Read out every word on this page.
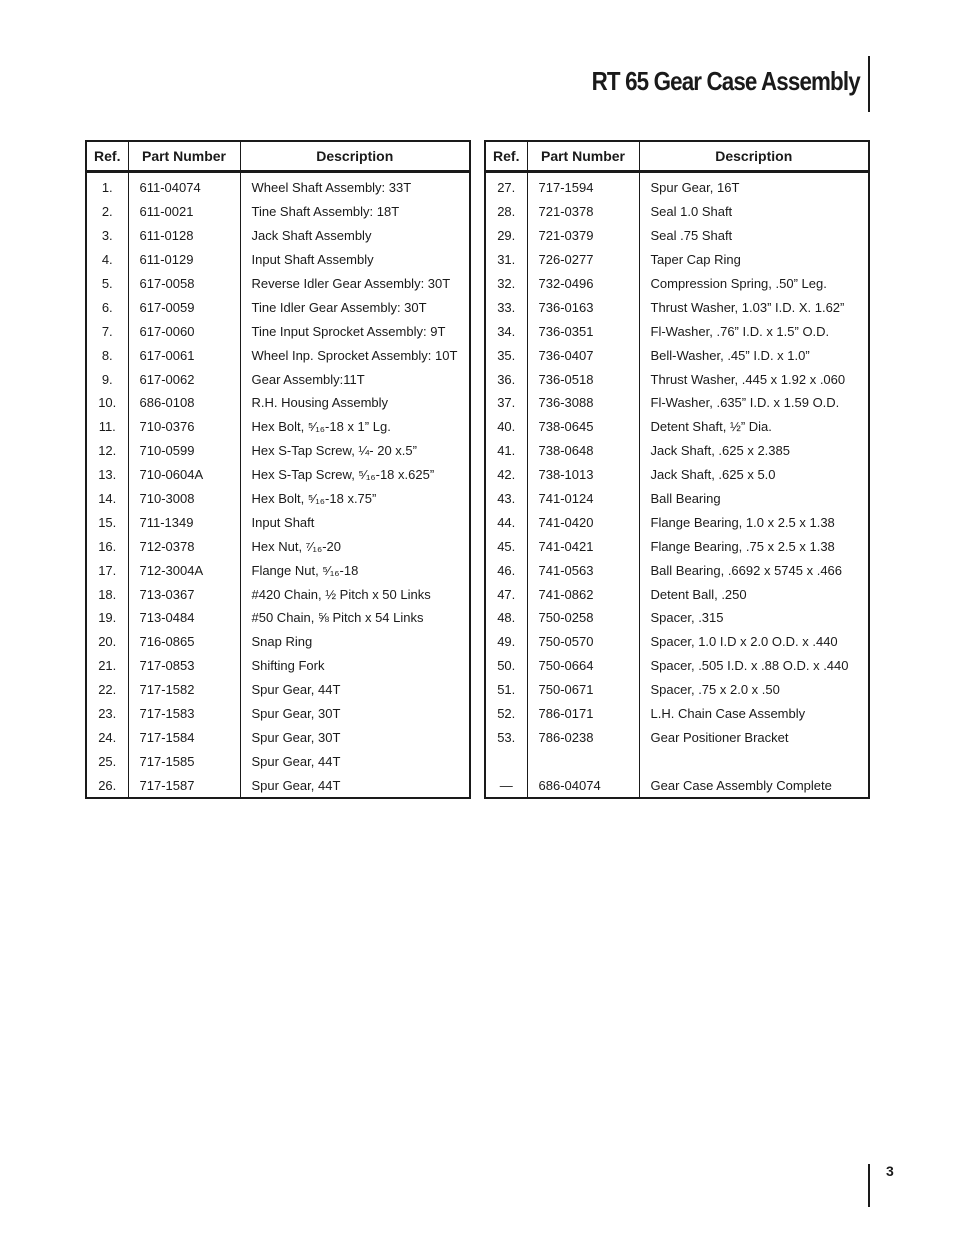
RT 65 Gear Case Assembly
Ref.	Part Number	Description
1.	611-04074	Wheel Shaft Assembly: 33T
2.	611-0021	Tine Shaft Assembly: 18T
3.	611-0128	Jack Shaft Assembly
4.	611-0129	Input Shaft Assembly
5.	617-0058	Reverse Idler Gear Assembly: 30T
6.	617-0059	Tine Idler Gear Assembly: 30T
7.	617-0060	Tine Input Sprocket Assembly: 9T
8.	617-0061	Wheel Inp. Sprocket Assembly: 10T
9.	617-0062	Gear Assembly:11T
10.	686-0108	R.H. Housing Assembly
11.	710-0376	Hex Bolt, ⁵⁄₁₆-18 x 1” Lg.
12.	710-0599	Hex S-Tap Screw, ¼- 20 x.5”
13.	710-0604A	Hex S-Tap Screw, ⁵⁄₁₆-18 x.625”
14.	710-3008	Hex Bolt, ⁵⁄₁₆-18 x.75”
15.	711-1349	Input Shaft
16.	712-0378	Hex Nut, ⁷⁄₁₆-20
17.	712-3004A	Flange Nut, ⁵⁄₁₆-18
18.	713-0367	#420 Chain, ½ Pitch x 50 Links
19.	713-0484	#50 Chain, ⅝ Pitch x 54 Links
20.	716-0865	Snap Ring
21.	717-0853	Shifting Fork
22.	717-1582	Spur Gear, 44T
23.	717-1583	Spur Gear, 30T
24.	717-1584	Spur Gear, 30T
25.	717-1585	Spur Gear, 44T
26.	717-1587	Spur Gear, 44T
Ref.	Part Number	Description
27.	717-1594	Spur Gear, 16T
28.	721-0378	Seal 1.0 Shaft
29.	721-0379	Seal .75 Shaft
31.	726-0277	Taper Cap Ring
32.	732-0496	Compression Spring, .50” Leg.
33.	736-0163	Thrust Washer, 1.03” I.D. X. 1.62”
34.	736-0351	Fl-Washer, .76” I.D. x 1.5” O.D.
35.	736-0407	Bell-Washer, .45” I.D. x 1.0”
36.	736-0518	Thrust Washer, .445 x 1.92 x .060
37.	736-3088	Fl-Washer, .635” I.D. x 1.59 O.D.
40.	738-0645	Detent Shaft, ½” Dia.
41.	738-0648	Jack Shaft, .625 x 2.385
42.	738-1013	Jack Shaft, .625 x 5.0
43.	741-0124	Ball Bearing
44.	741-0420	Flange Bearing, 1.0 x 2.5 x 1.38
45.	741-0421	Flange Bearing, .75 x 2.5 x 1.38
46.	741-0563	Ball Bearing, .6692 x 5745 x .466
47.	741-0862	Detent Ball, .250
48.	750-0258	Spacer, .315
49.	750-0570	Spacer, 1.0 I.D x 2.0 O.D. x .440
50.	750-0664	Spacer, .505 I.D. x .88 O.D. x .440
51.	750-0671	Spacer, .75 x 2.0 x .50
52.	786-0171	L.H. Chain Case Assembly
53.	786-0238	Gear Positioner Bracket

—	686-04074	Gear Case Assembly Complete
3
